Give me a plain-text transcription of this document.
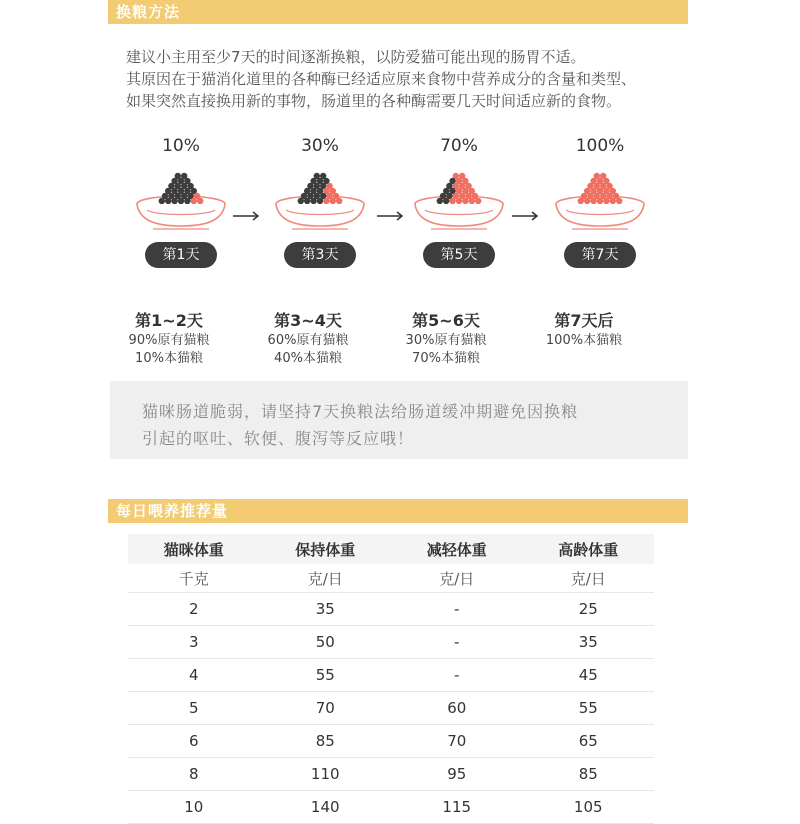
换粮方法
建议小主用至少7天的时间逐渐换粮，以防爱猫可能出现的肠胃不适。
其原因在于猫消化道里的各种酶已经适应原来食物中营养成分的含量和类型、
如果突然直接换用新的事物，肠道里的各种酶需要几天时间适应新的食物。
10%
第1天
30%
第3天
70%
第5天
100%
第7天
第1~2天
90%原有猫粮
10%本猫粮
第3~4天
60%原有猫粮
40%本猫粮
第5~6天
30%原有猫粮
70%本猫粮
第7天后
100%本猫粮
猫咪肠道脆弱，请坚持7天换粮法给肠道缓冲期避免因换粮
引起的呕吐、软便、腹泻等反应哦！
每日喂养推荐量
猫咪体重	保持体重	减轻体重	高龄体重
千克	克/日	克/日	克/日
2	35	-	25
3	50	-	35
4	55	-	45
5	70	60	55
6	85	70	65
8	110	95	85
10	140	115	105
